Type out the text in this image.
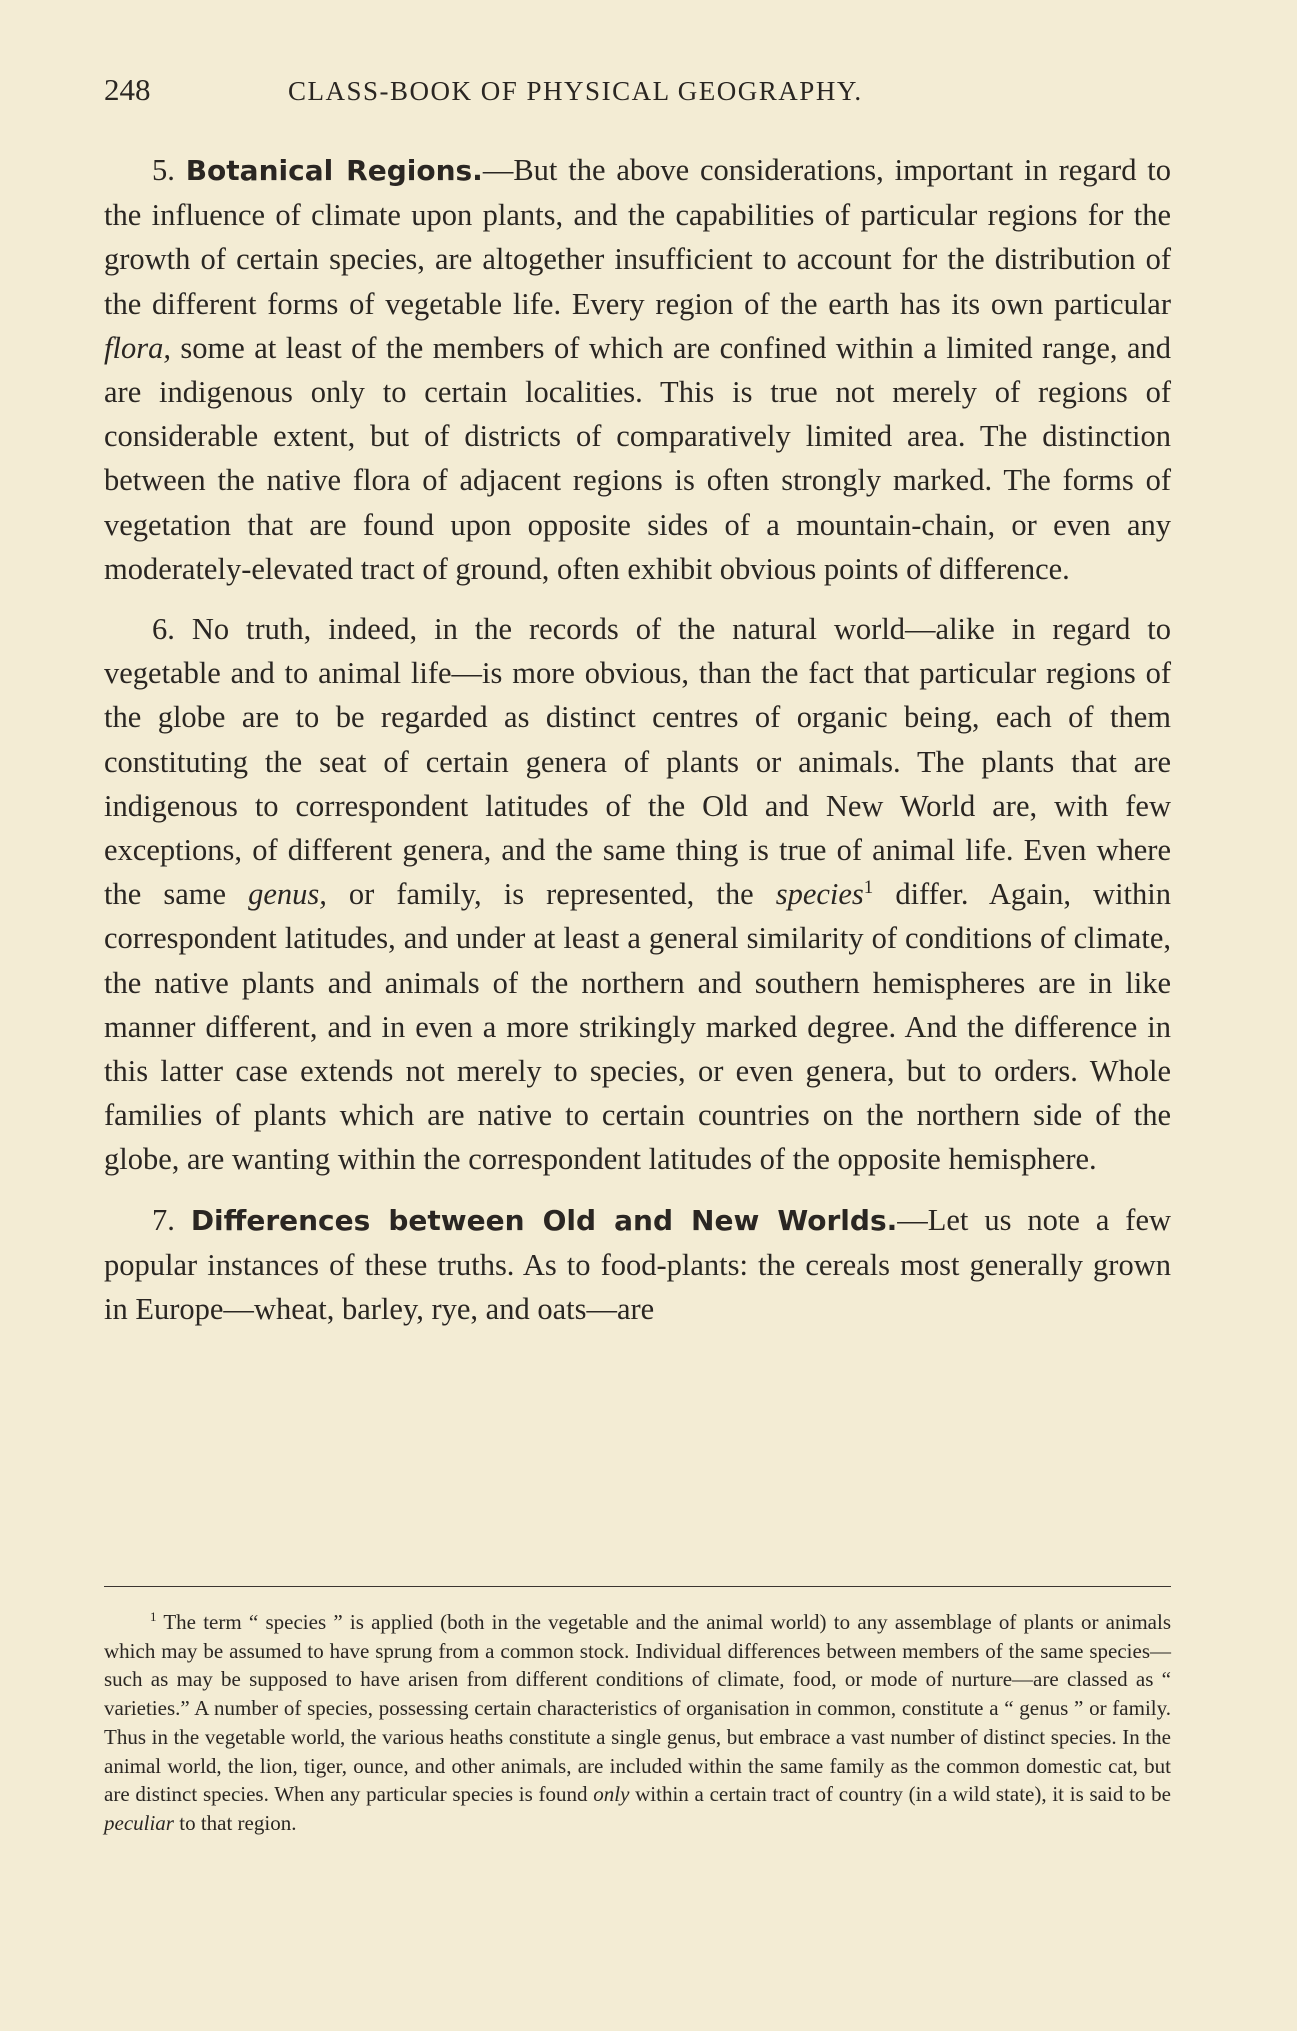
248	CLASS-BOOK OF PHYSICAL GEOGRAPHY.

5. Botanical Regions.—But the above considerations, important in regard to the influence of climate upon plants, and the capabilities of particular regions for the growth of certain species, are altogether insufficient to account for the distribution of the different forms of vegetable life. Every region of the earth has its own particular flora, some at least of the members of which are confined within a limited range, and are indigenous only to certain localities. This is true not merely of regions of considerable extent, but of districts of comparatively limited area. The distinction between the native flora of adjacent regions is often strongly marked. The forms of vegetation that are found upon opposite sides of a mountain-chain, or even any moderately-elevated tract of ground, often exhibit obvious points of difference.

6. No truth, indeed, in the records of the natural world—alike in regard to vegetable and to animal life—is more obvious, than the fact that particular regions of the globe are to be regarded as distinct centres of organic being, each of them constituting the seat of certain genera of plants or animals. The plants that are indigenous to correspondent latitudes of the Old and New World are, with few exceptions, of different genera, and the same thing is true of animal life. Even where the same genus, or family, is represented, the species$^1$ differ. Again, within correspondent latitudes, and under at least a general similarity of conditions of climate, the native plants and animals of the northern and southern hemispheres are in like manner different, and in even a more strikingly marked degree. And the difference in this latter case extends not merely to species, or even genera, but to orders. Whole families of plants which are native to certain countries on the northern side of the globe, are wanting within the correspondent latitudes of the opposite hemisphere.

7. Differences between Old and New Worlds.—Let us note a few popular instances of these truths. As to food-plants: the cereals most generally grown in Europe—wheat, barley, rye, and oats—are

$^1$ The term “ species ” is applied (both in the vegetable and the animal world) to any assemblage of plants or animals which may be assumed to have sprung from a common stock. Individual differences between members of the same species—such as may be supposed to have arisen from different conditions of climate, food, or mode of nurture—are classed as “ varieties.” A number of species, possessing certain characteristics of organisation in common, constitute a “ genus ” or family. Thus in the vegetable world, the various heaths constitute a single genus, but embrace a vast number of distinct species. In the animal world, the lion, tiger, ounce, and other animals, are included within the same family as the common domestic cat, but are distinct species. When any particular species is found only within a certain tract of country (in a wild state), it is said to be peculiar to that region.
